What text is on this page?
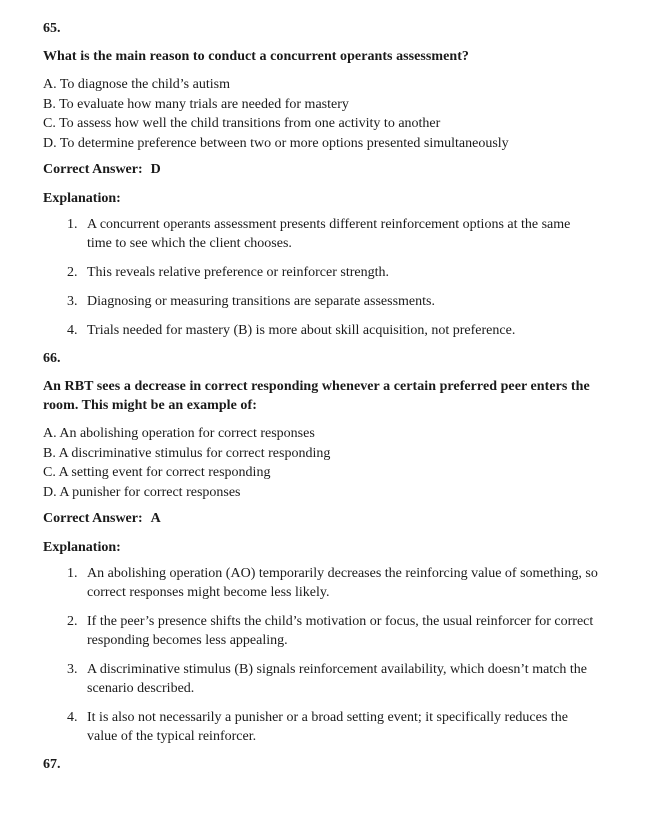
65.

What is the main reason to conduct a concurrent operants assessment?

A. To diagnose the child’s autism
B. To evaluate how many trials are needed for mastery
C. To assess how well the child transitions from one activity to another
D. To determine preference between two or more options presented simultaneously

Correct Answer: D

Explanation:

1. A concurrent operants assessment presents different reinforcement options at the same time to see which the client chooses.
2. This reveals relative preference or reinforcer strength.
3. Diagnosing or measuring transitions are separate assessments.
4. Trials needed for mastery (B) is more about skill acquisition, not preference.

66.

An RBT sees a decrease in correct responding whenever a certain preferred peer enters the room. This might be an example of:

A. An abolishing operation for correct responses
B. A discriminative stimulus for correct responding
C. A setting event for correct responding
D. A punisher for correct responses

Correct Answer: A

Explanation:

1. An abolishing operation (AO) temporarily decreases the reinforcing value of something, so correct responses might become less likely.
2. If the peer’s presence shifts the child’s motivation or focus, the usual reinforcer for correct responding becomes less appealing.
3. A discriminative stimulus (B) signals reinforcement availability, which doesn’t match the scenario described.
4. It is also not necessarily a punisher or a broad setting event; it specifically reduces the value of the typical reinforcer.

67.
